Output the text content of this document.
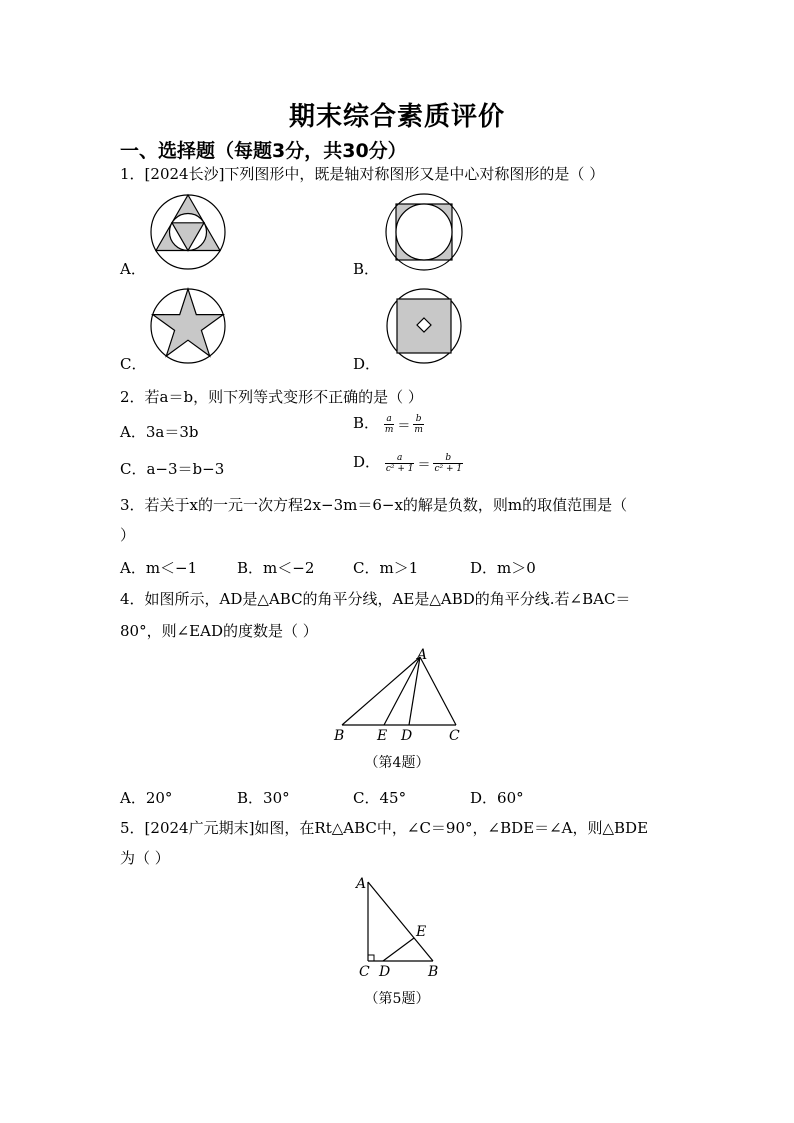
期末综合素质评价
一、选择题（每题3分，共30分）
1．[2024长沙]下列图形中，既是轴对称图形又是中心对称图形的是（ ）
A．	B．
C．	D．
2．若a＝b，则下列等式变形不正确的是（ ）
A．3a＝3b	B． $\frac{a}{m} = \frac{b}{m}$
C．a−3＝b−3	D． $\frac{a}{\text{c² + 1}} = \frac{b}{\text{c² + 1}}$
3．若关于x的一元一次方程2x−3m＝6−x的解是负数，则m的取值范围是（
）
A．m＜−1	B．m＜−2	C．m＞1	D．m＞0
4．如图所示，AD是△ABC的角平分线，AE是△ABD的角平分线.若∠BAC＝
80°，则∠EAD的度数是（ ）
A
B E D	C
（第4题）
A．20°	B．30°	C．45°	D．60°
5．[2024广元期末]如图，在Rt△ABC中，∠C＝90°，∠BDE＝∠A，则△BDE
为（ ）
A
E
C D	B
（第5题）
